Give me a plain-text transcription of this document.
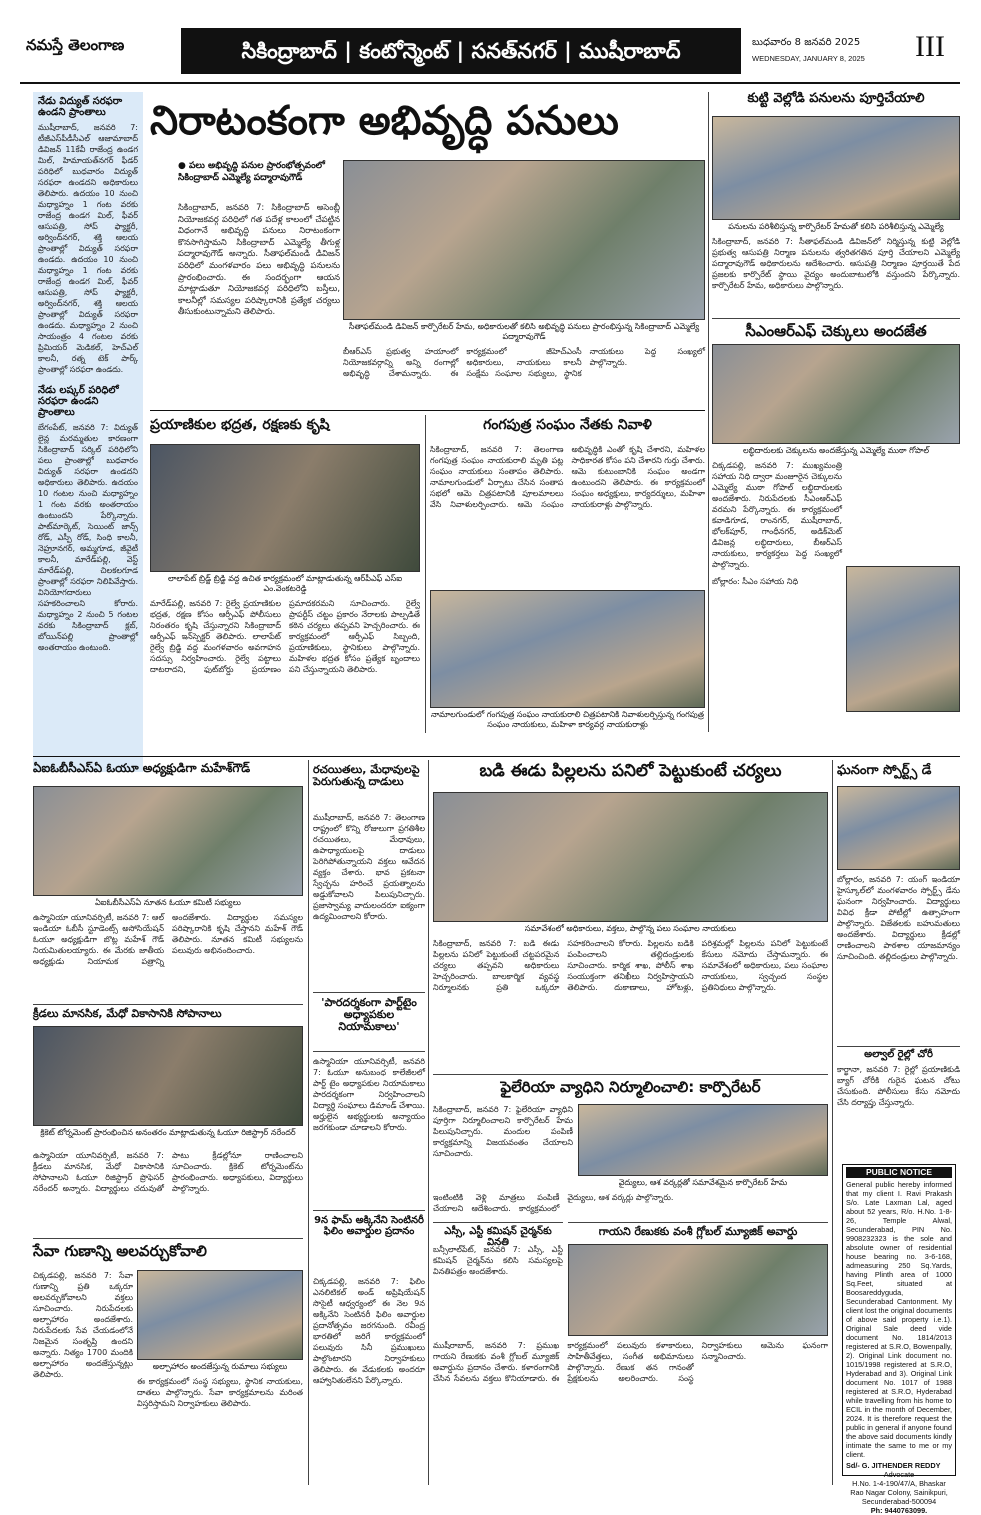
నమస్తే తెలంగాణ	సికింద్రాబాద్ | కంటోన్మెంట్ | సనత్‌నగర్ | ముషీరాబాద్	బుధవారం 8 జనవరి 2025
WEDNESDAY, JANUARY 8, 2025	III
నేడు విద్యుత్ సరఫరా ఉండని ప్రాంతాలు
ముషీరాబాద్, జనవరి 7: టీజీఎస్‌పీడీసీఎల్ ఆజామాబాద్ డివిజన్ 11కేవీ రాజేంద్ర ఉండగ మిల్, హిమాయత్‌నగర్ ఫీడర్ పరిధిలో బుధవారం విద్యుత్ సరఫరా ఉండదని అధికారులు తెలిపారు. ఉదయం 10 నుంచి మధ్యాహ్నం 1 గంట వరకు రాజేంద్ర ఉండగ మిల్, ఫీవర్ ఆసుపత్రి, సోప్ ఫ్యాక్టరీ, అర్వింద్‌నగర్, శక్తి ఆలయ ప్రాంతాల్లో విద్యుత్ సరఫరా ఉండదు. ఉదయం 10 నుంచి మధ్యాహ్నం 1 గంట వరకు రాజేంద్ర ఉండగ మిల్, ఫీవర్ ఆసుపత్రి, సోప్ ఫ్యాక్టరీ, అర్వింద్‌నగర్, శక్తి ఆలయ ప్రాంతాల్లో విద్యుత్ సరఫరా ఉండదు. మధ్యాహ్నం 2 నుంచి సాయంత్రం 4 గంటల వరకు ప్రిమియర్ మెడికల్, హెచ్ఎల్ కాలనీ, రత్న టెక్ పార్క్ ప్రాంతాల్లో సరఫరా ఉండదు.
నేడు లష్కర్ పరిధిలో సరఫరా ఉండని ప్రాంతాలు
బేగంపేట్, జనవరి 7: విద్యుత్ లైన్ల మరమ్మతుల కారణంగా సికింద్రాబాద్ సర్కిల్ పరిధిలోని పలు ప్రాంతాల్లో బుధవారం విద్యుత్ సరఫరా ఉండదని అధికారులు తెలిపారు. ఉదయం 10 గంటల నుంచి మధ్యాహ్నం 1 గంట వరకు అంతరాయం ఉంటుందని పేర్కొన్నారు. పాట్‌మార్కెట్, సెయింట్ జాన్స్ రోడ్, ఎస్పీ రోడ్, సింధి కాలనీ, నెహ్రూనగర్, అమ్మగూడ, జీవైటీ కాలనీ, మారేడ్‌పల్లి, వెస్ట్ మారేడ్‌పల్లి, చిలకలగూడ ప్రాంతాల్లో సరఫరా నిలిపివేస్తారు. వినియోగదారులు సహకరించాలని కోరారు. మధ్యాహ్నం 2 నుంచి 5 గంటల వరకు సికింద్రాబాద్ క్లబ్, బోయిన్‌పల్లి ప్రాంతాల్లో అంతరాయం ఉంటుంది.
నిరాటంకంగా అభివృద్ధి పనులు
● పలు అభివృద్ధి పనుల ప్రారంభోత్సవంలో సికింద్రాబాద్ ఎమ్మెల్యే పద్మారావుగౌడ్
సికింద్రాబాద్, జనవరి 7: సికింద్రాబాద్ అసెంబ్లీ నియోజకవర్గ పరిధిలో గత పదేళ్ల కాలంలో చేపట్టిన విధంగానే అభివృద్ధి పనులు నిరాటంకంగా కొనసాగిస్తామని సికింద్రాబాద్ ఎమ్మెల్యే తీగుళ్ల పద్మారావుగౌడ్ అన్నారు. సీతాఫల్‌మండి డివిజన్ పరిధిలో మంగళవారం పలు అభివృద్ధి పనులను ప్రారంభించారు. ఈ సందర్భంగా ఆయన మాట్లాడుతూ నియోజకవర్గ పరిధిలోని బస్తీలు, కాలనీల్లో సమస్యల పరిష్కారానికి ప్రత్యేక చర్యలు తీసుకుంటున్నామని తెలిపారు.
సీతాఫల్‌మండి డివిజన్ కార్పొరేటర్ హేమ, అధికారులతో కలిసి అభివృద్ధి పనులు ప్రారంభిస్తున్న సికింద్రాబాద్ ఎమ్మెల్యే పద్మారావుగౌడ్
బీఆర్‌ఎస్ ప్రభుత్వ హయాంలో నియోజకవర్గాన్ని అన్ని రంగాల్లో అభివృద్ధి చేశామన్నారు. ఈ కార్యక్రమంలో జీహెచ్‌ఎంసీ అధికారులు, నాయకులు కాలనీ సంక్షేమ సంఘాల సభ్యులు, స్థానిక నాయకులు పెద్ద సంఖ్యలో పాల్గొన్నారు.
కుట్టి వెల్లోడి పనులను పూర్తిచేయాలి
పనులను పరిశీలిస్తున్న కార్పొరేటర్ హేమతో కలిసి పరిశీలిస్తున్న ఎమ్మెల్యే
సికింద్రాబాద్, జనవరి 7: సీతాఫల్‌మండి డివిజన్‌లో నిర్మిస్తున్న కుట్టి వెల్లోడి ప్రభుత్వ ఆసుపత్రి నిర్మాణ పనులను త్వరితగతిన పూర్తి చేయాలని ఎమ్మెల్యే పద్మారావుగౌడ్ అధికారులను ఆదేశించారు. ఆసుపత్రి నిర్మాణం పూర్తయితే పేద ప్రజలకు కార్పొరేట్ స్థాయి వైద్యం అందుబాటులోకి వస్తుందని పేర్కొన్నారు. కార్పొరేటర్ హేమ, అధికారులు పాల్గొన్నారు.
సీఎంఆర్‌ఎఫ్ చెక్కులు అందజేత
లబ్ధిదారులకు చెక్కులను అందజేస్తున్న ఎమ్మెల్యే ముఠా గోపాల్
చిక్కడపల్లి, జనవరి 7: ముఖ్యమంత్రి సహాయ నిధి ద్వారా మంజూరైన చెక్కులను ఎమ్మెల్యే ముఠా గోపాల్ లబ్ధిదారులకు అందజేశారు. నిరుపేదలకు సీఎంఆర్‌ఎఫ్ వరమని పేర్కొన్నారు. ఈ కార్యక్రమంలో కవాడిగూడ, రాంనగర్, ముషీరాబాద్, భోలక్‌పూర్, గాంధీనగర్, అడిక్‌మెట్ డివిజన్ల లబ్ధిదారులు, బీఆర్‌ఎస్ నాయకులు, కార్యకర్తలు పెద్ద సంఖ్యలో పాల్గొన్నారు.
బోల్లారం: సీఎం సహాయ నిధి
ప్రయాణికుల భద్రత, రక్షణకు కృషి
లాలాపేట్ బ్రిడ్జ్ బ్రిడ్జి వద్ద ఉచిత కార్యక్రమంలో మాట్లాడుతున్న ఆర్‌పీఎఫ్ ఎస్‌ఐ ఎం.వెంకటరెడ్డి
మారేడ్‌పల్లి, జనవరి 7: రైల్వే ప్రయాణికుల భద్రత, రక్షణ కోసం ఆర్పీఎఫ్ పోలీసులు నిరంతరం కృషి చేస్తున్నారని సికింద్రాబాద్ ఆర్పీఎఫ్ ఇన్‌స్పెక్టర్ తెలిపారు. లాలాపేట్ రైల్వే బ్రిడ్జి వద్ద మంగళవారం అవగాహన సదస్సు నిర్వహించారు. రైల్వే పట్టాలు దాటరాదని, ఫుట్‌బోర్డు ప్రయాణం ప్రమాదకరమని సూచించారు. రైల్వే ప్రాపర్టీస్ చట్టం ప్రకారం నేరాలకు పాల్పడితే కఠిన చర్యలు తప్పవని హెచ్చరించారు. ఈ కార్యక్రమంలో ఆర్పీఎఫ్ సిబ్బంది, ప్రయాణికులు, స్థానికులు పాల్గొన్నారు. మహిళల భద్రత కోసం ప్రత్యేక బృందాలు పని చేస్తున్నాయని తెలిపారు.
గంగపుత్ర సంఘం నేతకు నివాళి
సికింద్రాబాద్, జనవరి 7: తెలంగాణ గంగపుత్ర సంఘం నాయకురాలి మృతి పట్ల సంఘం నాయకులు సంతాపం తెలిపారు. నామాలగుండులో ఏర్పాటు చేసిన సంతాప సభలో ఆమె చిత్రపటానికి పూలమాలలు వేసి నివాళులర్పించారు. ఆమె సంఘం అభివృద్ధికి ఎంతో కృషి చేశారని, మహిళల సాధికారత కోసం పని చేశారని గుర్తు చేశారు. ఆమె కుటుంబానికి సంఘం అండగా ఉంటుందని తెలిపారు. ఈ కార్యక్రమంలో సంఘం అధ్యక్షులు, కార్యదర్శులు, మహిళా నాయకురాళ్లు పాల్గొన్నారు.
నామాలగుండులో గంగపుత్ర సంఘం నాయకురాలి చిత్రపటానికి నివాళులర్పిస్తున్న గంగపుత్ర సంఘం నాయకులు, మహిళా కార్యవర్గ నాయకురాళ్లు
ఏఐఓబీసీఎస్ఏ ఓయూ అధ్యక్షుడిగా మహేశ్‌గౌడ్
ఏఐఓబీసీఎస్ఏ నూతన ఓయూ కమిటీ సభ్యులు
ఉస్మానియా యూనివర్సిటీ, జనవరి 7: ఆల్ ఇండియా ఓబీసీ స్టూడెంట్స్ అసోసియేషన్ ఓయూ అధ్యక్షుడిగా బొట్ల మహేశ్ గౌడ్ నియమితులయ్యారు. ఈ మేరకు జాతీయ అధ్యక్షుడు నియామక పత్రాన్ని అందజేశారు. విద్యార్థుల సమస్యల పరిష్కారానికి కృషి చేస్తానని మహేశ్ గౌడ్ తెలిపారు. నూతన కమిటీ సభ్యులను పలువురు అభినందించారు.
క్రీడలు మానసిక, మేధో వికాసానికి సోపానాలు
క్రికెట్ టోర్నమెంట్ ప్రారంభించిన అనంతరం మాట్లాడుతున్న ఓయూ రిజిస్ట్రార్ నరేందర్
ఉస్మానియా యూనివర్సిటీ, జనవరి 7: క్రీడలు మానసిక, మేధో వికాసానికి సోపానాలని ఓయూ రిజిస్ట్రార్ ప్రొఫెసర్ నరేందర్ అన్నారు. విద్యార్థులు చదువుతో పాటు క్రీడల్లోనూ రాణించాలని సూచించారు. క్రికెట్ టోర్నమెంట్‌ను ప్రారంభించారు. అధ్యాపకులు, విద్యార్థులు పాల్గొన్నారు.
సేవా గుణాన్ని అలవర్చుకోవాలి
చిక్కడపల్లి, జనవరి 7: సేవా గుణాన్ని ప్రతి ఒక్కరూ అలవర్చుకోవాలని వక్తలు సూచించారు. నిరుపేదలకు అల్పాహారం అందజేశారు. నిరుపేదలకు సేవ చేయడంలోనే నిజమైన సంతృప్తి ఉందని అన్నారు. నిత్యం 1700 మందికి అల్పాహారం అందజేస్తున్నట్లు తెలిపారు.
అల్పాహారం అందజేస్తున్న రుమాలు సభ్యులు
ఈ కార్యక్రమంలో సంస్థ సభ్యులు, స్థానిక నాయకులు, దాతలు పాల్గొన్నారు. సేవా కార్యక్రమాలను మరింత విస్తరిస్తామని నిర్వాహకులు తెలిపారు.
రచయితలు, మేధావులపై పెరుగుతున్న దాడులు
ముషీరాబాద్, జనవరి 7: తెలంగాణ రాష్ట్రంలో కొన్ని రోజులుగా ప్రగతిశీల రచయితలు, మేధావులు, ఉపాధ్యాయులపై దాడులు పెరిగిపోతున్నాయని వక్తలు ఆవేదన వ్యక్తం చేశారు. భావ ప్రకటనా స్వేచ్ఛను హరించే ప్రయత్నాలను అడ్డుకోవాలని పిలుపునిచ్చారు. ప్రజాస్వామ్య వాదులందరూ ఐక్యంగా ఉద్యమించాలని కోరారు.
'పారదర్శకంగా పార్ట్‌టైం అధ్యాపకుల నియామకాలు'
ఉస్మానియా యూనివర్సిటీ, జనవరి 7: ఓయూ అనుబంధ కాలేజీలలో పార్ట్ టైం అధ్యాపకుల నియామకాలు పారదర్శకంగా నిర్వహించాలని విద్యార్థి సంఘాలు డిమాండ్ చేశాయి. అర్హులైన అభ్యర్థులకు అన్యాయం జరగకుండా చూడాలని కోరారు.
9న ఫామ్ అక్కినేని సెంటినరీ ఫిలిం అవార్డుల ప్రదానం
చిక్కడపల్లి, జనవరి 7: ఫిలిం ఎనలిటికల్ అండ్ అప్రిషియేషన్ సొసైటీ ఆధ్వర్యంలో ఈ నెల 9న అక్కినేని సెంటినరీ ఫిలిం అవార్డుల ప్రదానోత్సవం జరగనుంది. రవీంద్ర భారతిలో జరిగే కార్యక్రమంలో పలువురు సినీ ప్రముఖులు పాల్గొంటారని నిర్వాహకులు తెలిపారు. ఈ వేడుకలకు అందరూ ఆహ్వానితులేనని పేర్కొన్నారు.
బడి ఈడు పిల్లలను పనిలో పెట్టుకుంటే చర్యలు
సమావేశంలో అధికారులు, వక్తలు, పాల్గొన్న పలు సంఘాల నాయకులు
సికింద్రాబాద్, జనవరి 7: బడి ఈడు పిల్లలను పనిలో పెట్టుకుంటే చట్టపరమైన చర్యలు తప్పవని అధికారులు హెచ్చరించారు. బాలకార్మిక వ్యవస్థ నిర్మూలనకు ప్రతి ఒక్కరూ సహకరించాలని కోరారు. పిల్లలను బడికి పంపించాలని తల్లిదండ్రులకు సూచించారు. కార్మిక శాఖ, పోలీస్ శాఖ సంయుక్తంగా తనిఖీలు నిర్వహిస్తాయని తెలిపారు. దుకాణాలు, హోటళ్లు, పరిశ్రమల్లో పిల్లలను పనిలో పెట్టుకుంటే కేసులు నమోదు చేస్తామన్నారు. ఈ సమావేశంలో అధికారులు, పలు సంఘాల నాయకులు, స్వచ్ఛంద సంస్థల ప్రతినిధులు పాల్గొన్నారు.
ఫైలేరియా వ్యాధిని నిర్మూలించాలి: కార్పొరేటర్
సికింద్రాబాద్, జనవరి 7: ఫైలేరియా వ్యాధిని పూర్తిగా నిర్మూలించాలని కార్పొరేటర్ హేమ పిలుపునిచ్చారు. మందుల పంపిణీ కార్యక్రమాన్ని విజయవంతం చేయాలని సూచించారు.
వైద్యులు, ఆశ వర్కర్లతో సమావేశమైన కార్పొరేటర్ హేమ
ఇంటింటికి వెళ్లి మాత్రలు పంపిణీ చేయాలని ఆదేశించారు. కార్యక్రమంలో వైద్యులు, ఆశ వర్కర్లు పాల్గొన్నారు.
ఎస్సీ, ఎస్టీ కమిషన్ చైర్మన్‌కు వినతి
బన్సీలాల్‌పేట్, జనవరి 7: ఎస్సీ, ఎస్టీ కమిషన్ చైర్మన్‌ను కలిసి సమస్యలపై వినతిపత్రం అందజేశారు.
గాయని రేణుకకు వంశీ గ్లోబల్ మ్యూజిక్ అవార్డు
ముషీరాబాద్, జనవరి 7: ప్రముఖ గాయని రేణుకకు వంశీ గ్లోబల్ మ్యూజిక్ అవార్డును ప్రదానం చేశారు. కళారంగానికి చేసిన సేవలను వక్తలు కొనియాడారు. ఈ కార్యక్రమంలో పలువురు కళాకారులు, సాహితీవేత్తలు, సంగీత అభిమానులు పాల్గొన్నారు. రేణుక తన గానంతో ప్రేక్షకులను అలరించారు. సంస్థ నిర్వాహకులు ఆమెను ఘనంగా సన్మానించారు.
ఘనంగా స్పోర్ట్స్ డే
బోల్లారం, జనవరి 7: యంగ్ ఇండియా హైస్కూల్‌లో మంగళవారం స్పోర్ట్స్ డేను ఘనంగా నిర్వహించారు. విద్యార్థులు వివిధ క్రీడా పోటీల్లో ఉత్సాహంగా పాల్గొన్నారు. విజేతలకు బహుమతులు అందజేశారు. విద్యార్థులు క్రీడల్లో రాణించాలని పాఠశాల యాజమాన్యం సూచించింది. తల్లిదండ్రులు పాల్గొన్నారు.
అల్వాల్ రైల్లో చోరీ
కార్ఖానా, జనవరి 7: రైల్లో ప్రయాణికుడి బ్యాగ్ చోరీకి గురైన ఘటన చోటు చేసుకుంది. పోలీసులు కేసు నమోదు చేసి దర్యాప్తు చేస్తున్నారు.
PUBLIC NOTICE
General public hereby informed that my client I. Ravi Prakash S/o. Late Laxman Lal, aged about 52 years, R/o. H.No. 1-8-26, Temple Alwal, Secunderabad, PIN No. 9908232323 is the sole and absolute owner of residential house bearing no. 3-6-168, admeasuring 250 Sq.Yards, having Plinth area of 1000 Sq.Feet, situated at Boosareddyguda, Secunderabad Cantonment. My client lost the original documents of above said property i.e.1). Original Sale deed vide document No. 1814/2013 registered at S.R.O, Bowenpally, 2). Original Link document no. 1015/1998 registered at S.R.O, Hyderabad and 3). Original Link document No. 1017 of 1988 registered at S.R.O, Hyderabad while travelling from his home to ECIL in the month of December, 2024. It is therefore request the public in general if anyone found the above said documents kindly intimate the same to me or my client.
Sd/- G. JITHENDER REDDY
Advocate
H.No. 1-4-190/47/A, Bhaskar Rao Nagar Colony, Sainikpuri, Secunderabad-500094
Ph: 9440763099.
